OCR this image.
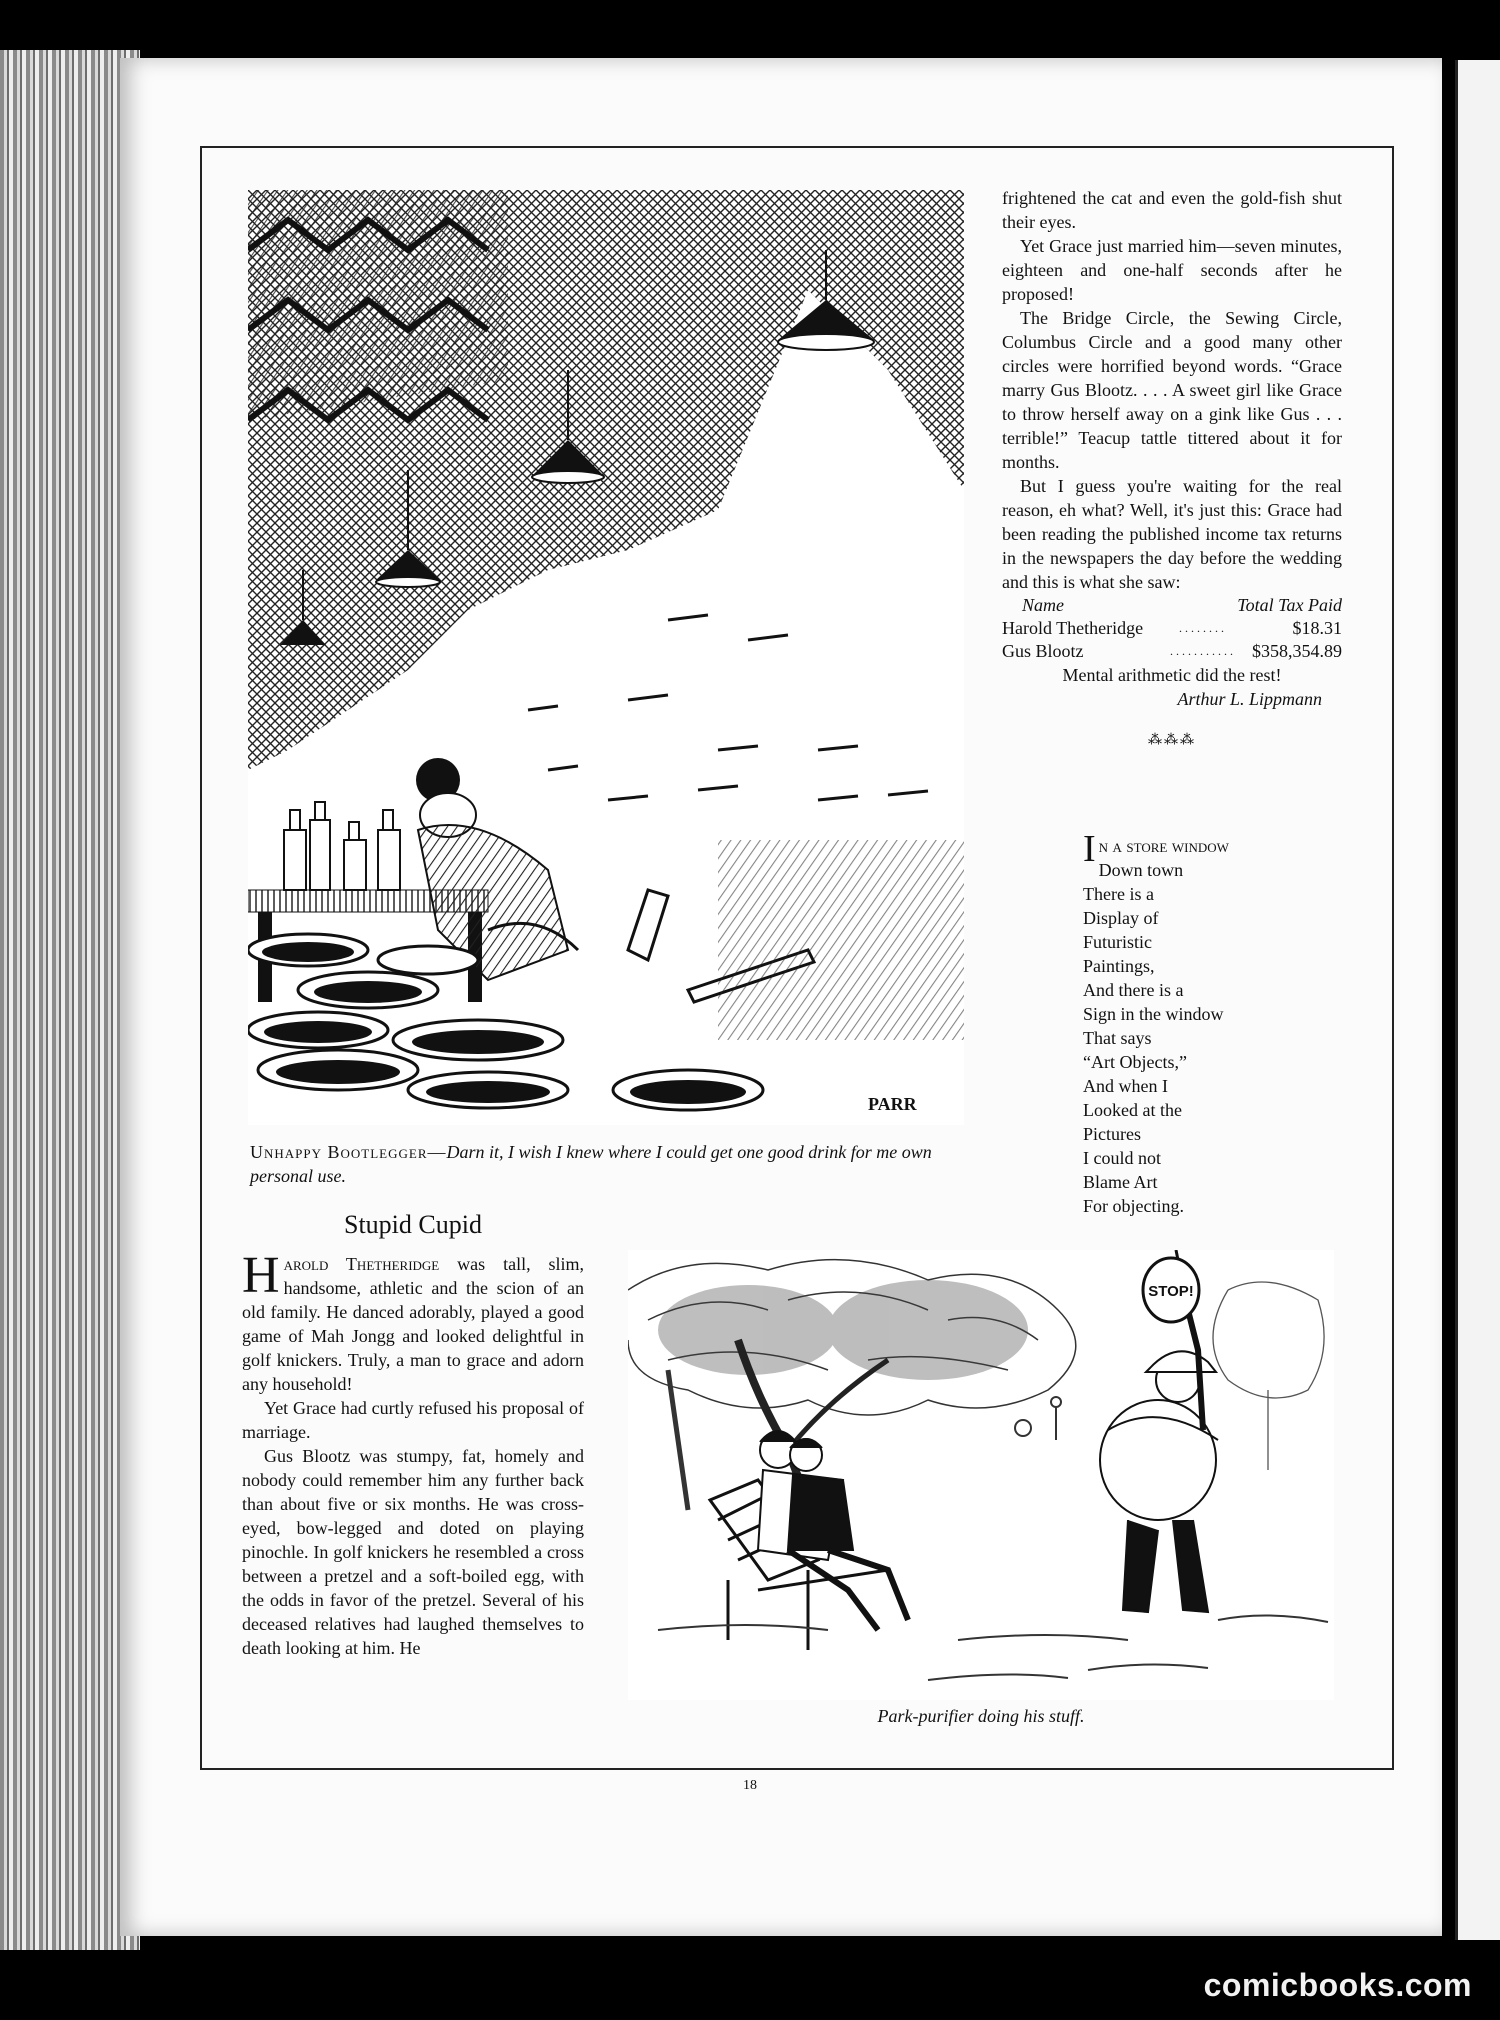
PARR
Unhappy Bootlegger—Darn it, I wish I knew where I could get one good drink for me own personal use.

frightened the cat and even the gold-fish shut their eyes.

Yet Grace just married him—seven minutes, eighteen and one-half seconds after he proposed!

The Bridge Circle, the Sewing Circle, Columbus Circle and a good many other circles were horrified beyond words. “Grace marry Gus Blootz. . . . A sweet girl like Grace to throw herself away on a gink like Gus . . . terrible!” Teacup tattle tittered about it for months.

But I guess you're waiting for the real reason, eh what? Well, it's just this: Grace had been reading the published income tax returns in the newspapers the day before the wedding and this is what she saw:

Name	Total Tax Paid	
Harold Thetheridge	. . . . . . . .	$18.31
Gus Blootz	. . . . . . . . . . .	$358,354.89
Mental arithmetic did the rest!
Arthur L. Lippmann
⁂⁂⁂
In a store window
Down town
There is a
Display of
Futuristic
Paintings,
And there is a
Sign in the window
That says
“Art Objects,”
And when I
Looked at the
Pictures
I could not
Blame Art
For objecting.
Stupid Cupid

Harold Thetheridge was tall, slim, handsome, athletic and the scion of an old family. He danced adorably, played a good game of Mah Jongg and looked delightful in golf knickers. Truly, a man to grace and adorn any household!

Yet Grace had curtly refused his proposal of marriage.

Gus Blootz was stumpy, fat, homely and nobody could remember him any further back than about five or six months. He was cross-eyed, bow-legged and doted on playing pinochle. In golf knickers he resembled a cross between a pretzel and a soft-boiled egg, with the odds in favor of the pretzel. Several of his deceased relatives had laughed themselves to death looking at him. He

STOP!
Park-purifier doing his stuff.
18
comicbooks.com
